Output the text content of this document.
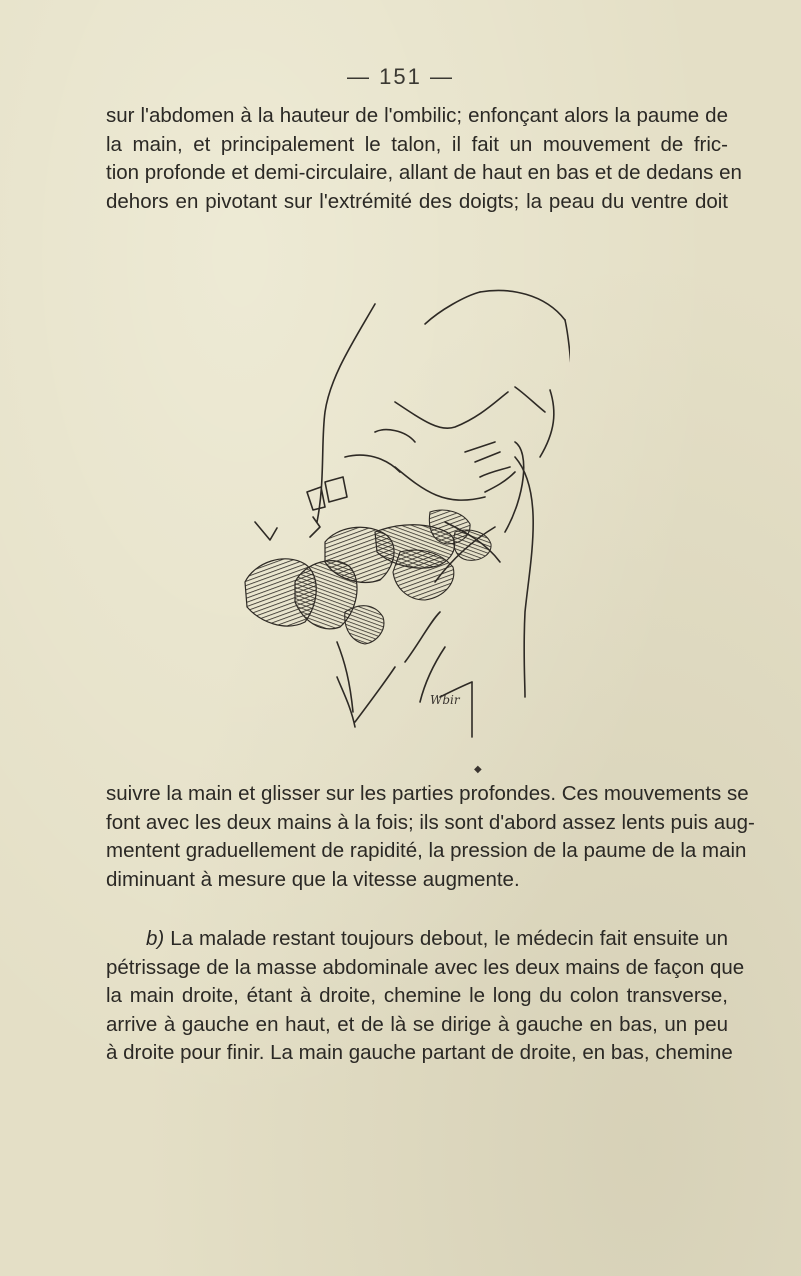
— 151 —
sur l'abdomen à la hauteur de l'ombilic; enfonçant alors la paume de
la main, et principalement le talon, il fait un mouvement de fric-
tion profonde et demi-circulaire, allant de haut en bas et de dedans en
dehors en pivotant sur l'extrémité des doigts; la peau du ventre doit
Wbir
◆
suivre la main et glisser sur les parties profondes. Ces mouvements se
font avec les deux mains à la fois; ils sont d'abord assez lents puis aug-
mentent graduellement de rapidité, la pression de la paume de la main
diminuant à mesure que la vitesse augmente.
b) La malade restant toujours debout, le médecin fait ensuite un
pétrissage de la masse abdominale avec les deux mains de façon que
la main droite, étant à droite, chemine le long du colon transverse,
arrive à gauche en haut, et de là se dirige à gauche en bas, un peu
à droite pour finir. La main gauche partant de droite, en bas, chemine
